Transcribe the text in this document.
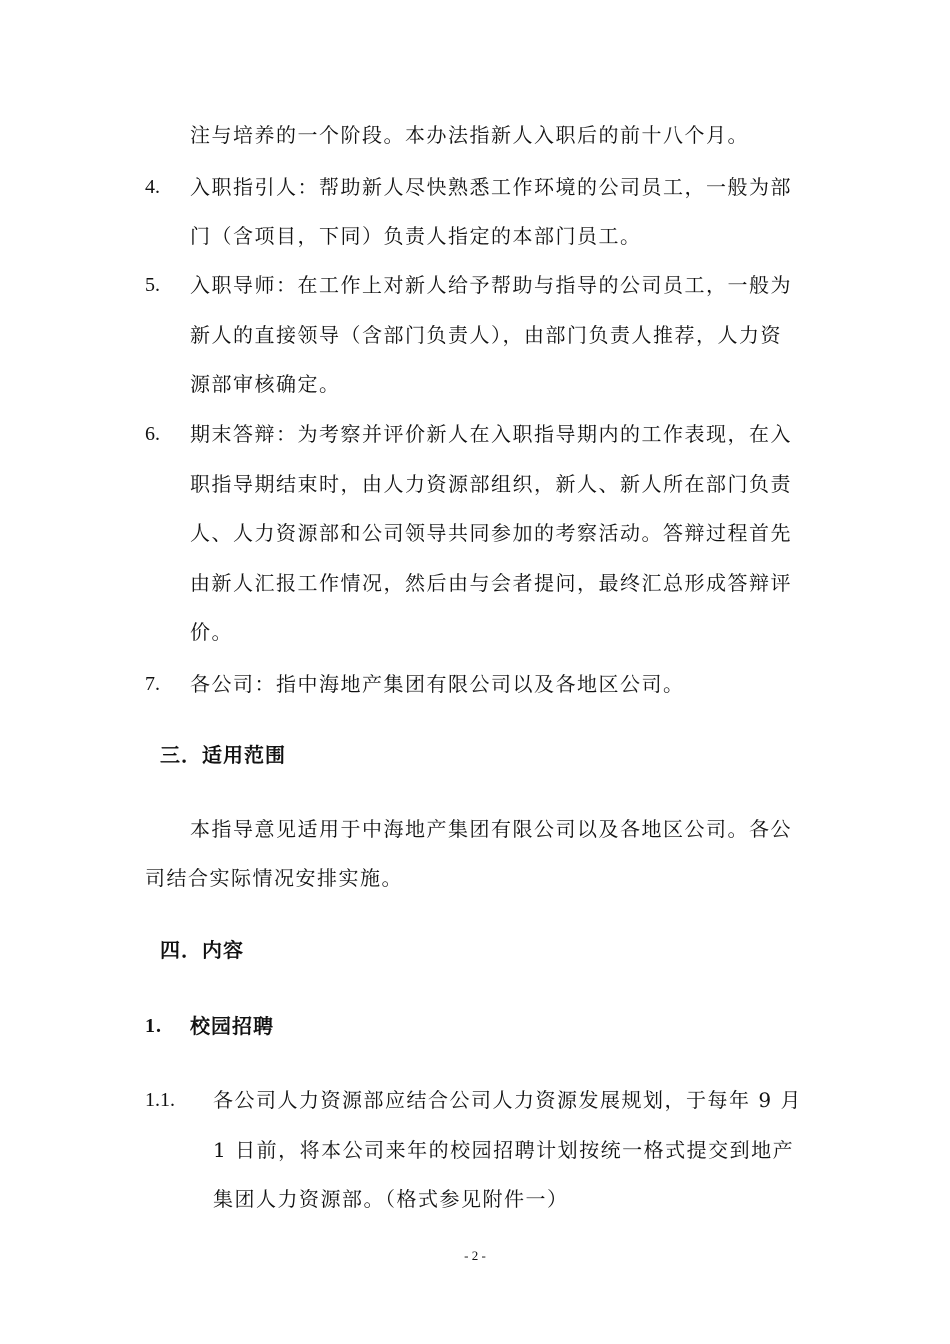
注与培养的一个阶段。本办法指新人入职后的前十八个月。
4. 入职指引人：帮助新人尽快熟悉工作环境的公司员工，一般为部
门（含项目，下同）负责人指定的本部门员工。
5. 入职导师：在工作上对新人给予帮助与指导的公司员工，一般为
新人的直接领导（含部门负责人），由部门负责人推荐，人力资
源部审核确定。
6. 期末答辩：为考察并评价新人在入职指导期内的工作表现，在入
职指导期结束时，由人力资源部组织，新人、新人所在部门负责
人、人力资源部和公司领导共同参加的考察活动。答辩过程首先
由新人汇报工作情况，然后由与会者提问，最终汇总形成答辩评
价。
7. 各公司：指中海地产集团有限公司以及各地区公司。
三．适用范围
本指导意见适用于中海地产集团有限公司以及各地区公司。各公
司结合实际情况安排实施。
四．内容
1. 校园招聘
1.1. 各公司人力资源部应结合公司人力资源发展规划，于每年 9 月
1 日前，将本公司来年的校园招聘计划按统一格式提交到地产
集团人力资源部。（格式参见附件一）
- 2 -
